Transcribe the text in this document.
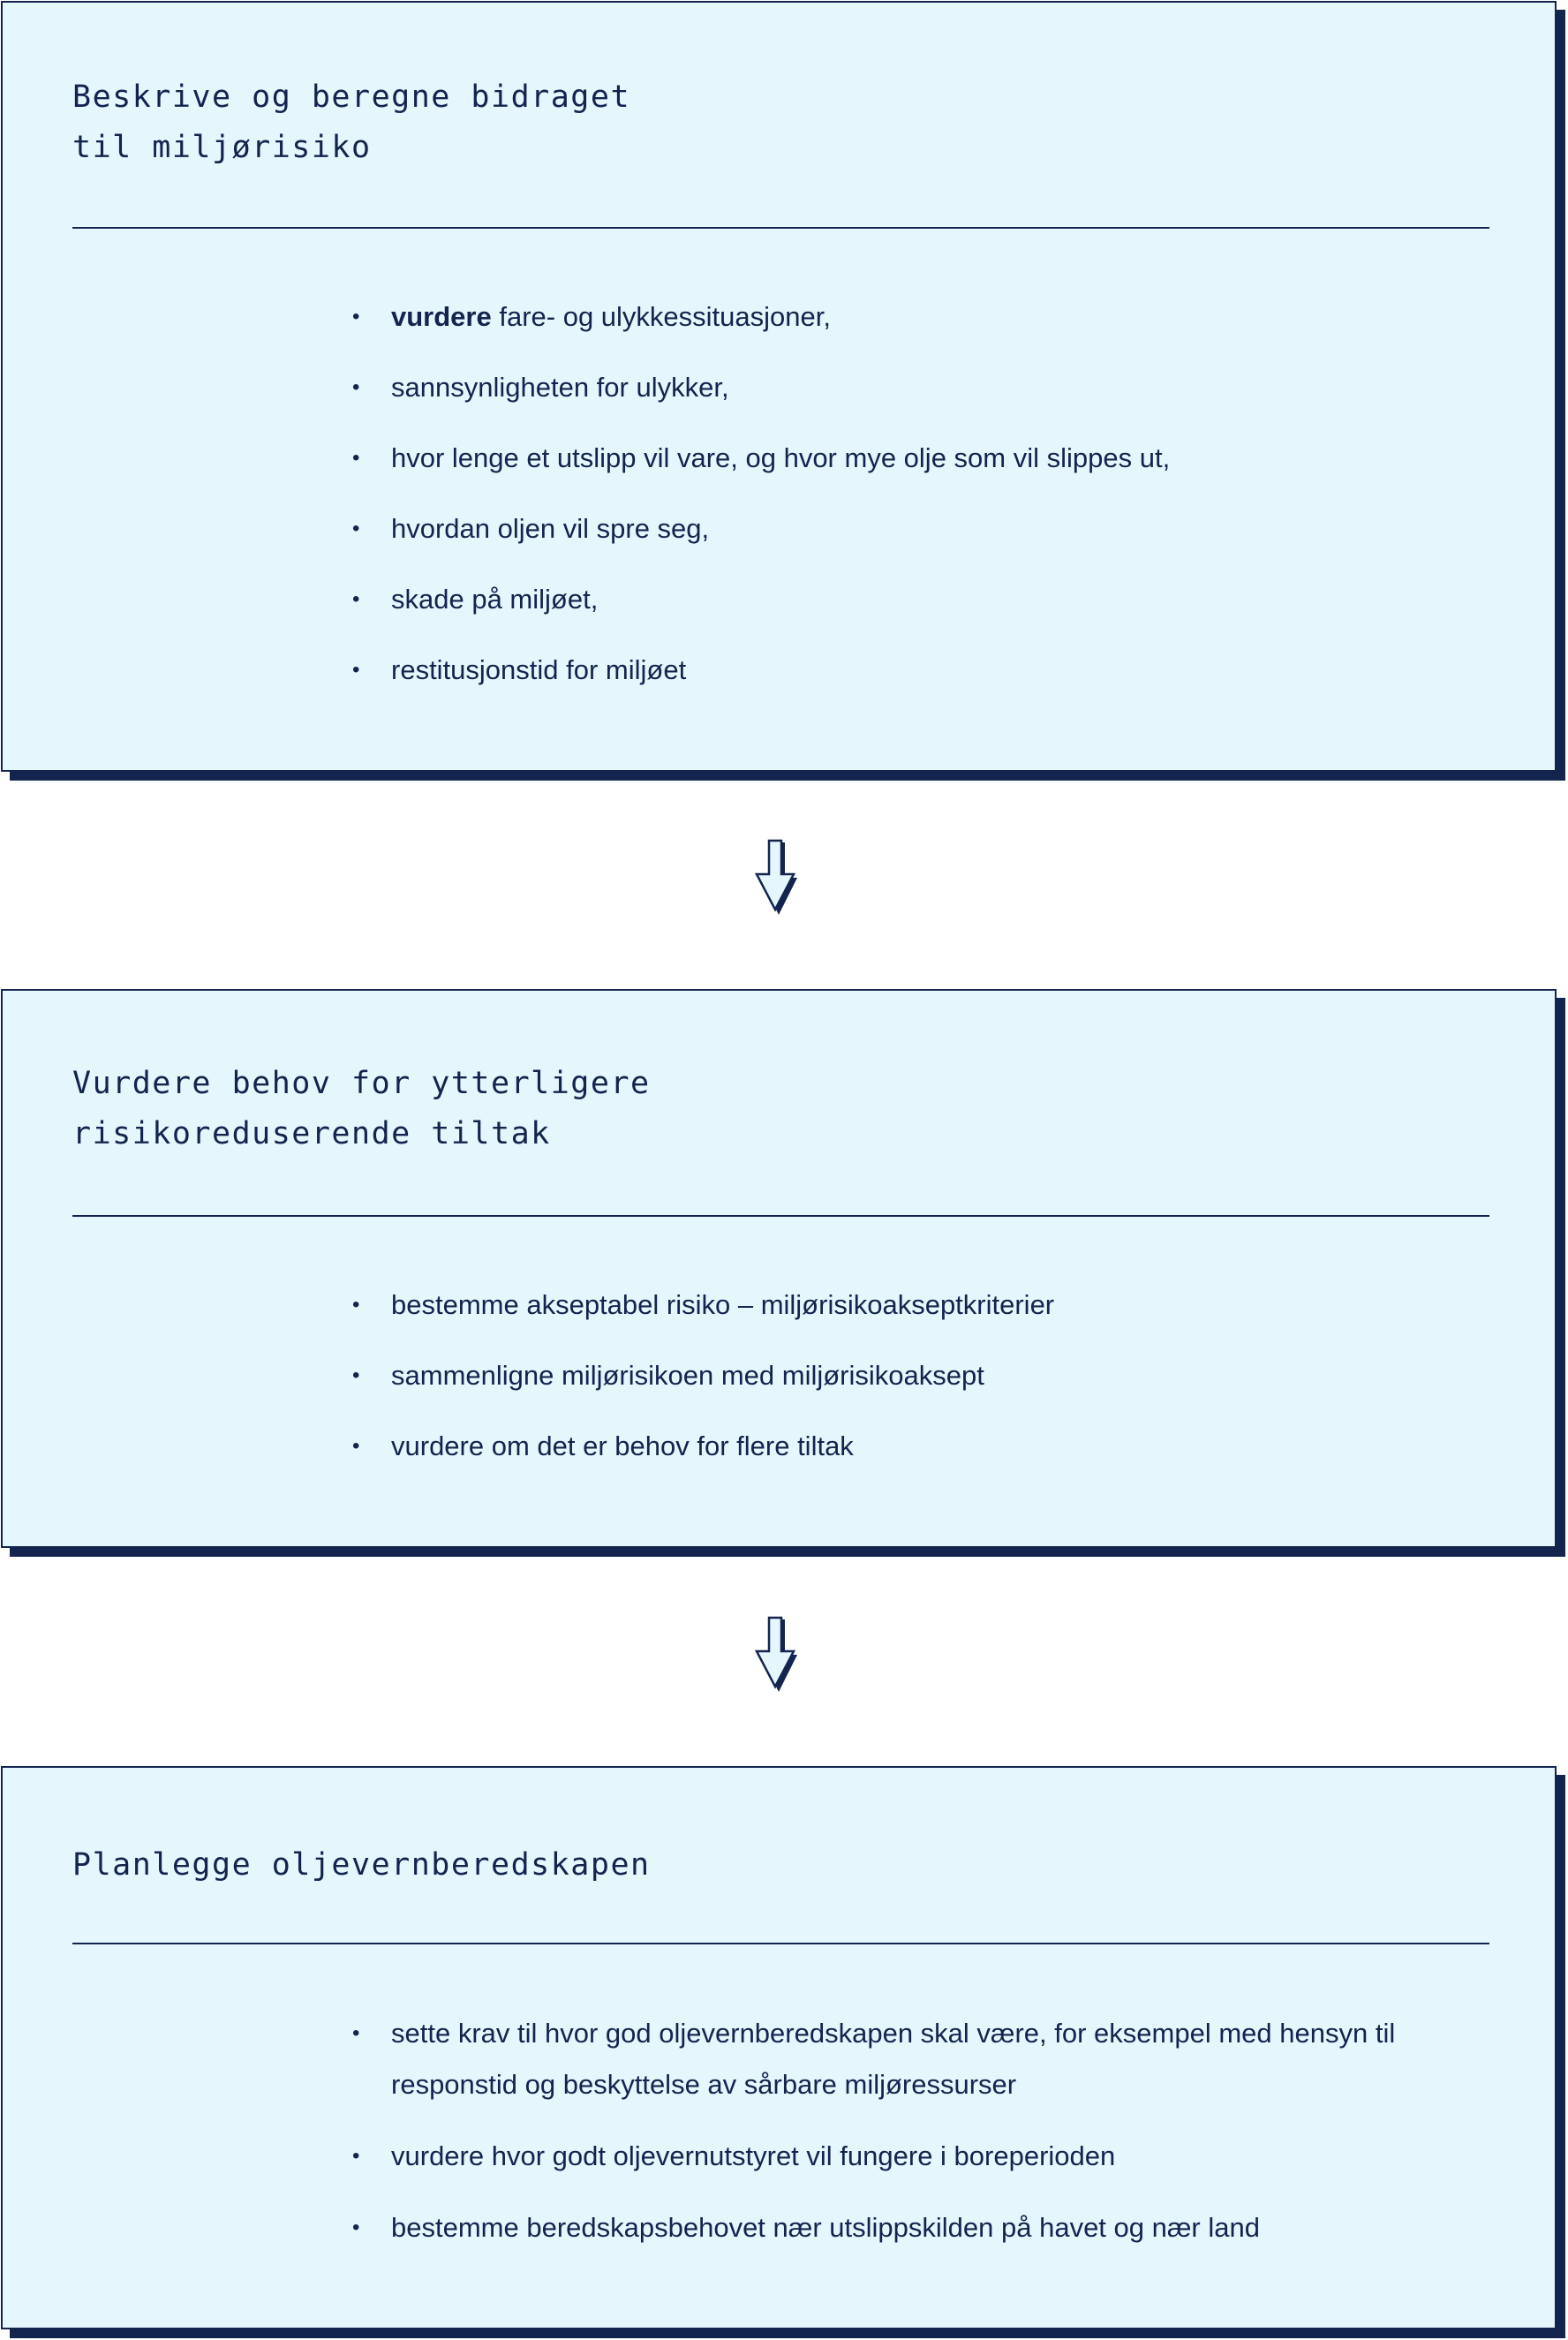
Beskrive og beregne bidraget
til miljørisiko
• vurdere fare- og ulykkessituasjoner,
• sannsynligheten for ulykker,
• hvor lenge et utslipp vil vare, og hvor mye olje som vil slippes ut,
• hvordan oljen vil spre seg,
• skade på miljøet,
• restitusjonstid for miljøet
Vurdere behov for ytterligere
risikoreduserende tiltak
• bestemme akseptabel risiko – miljørisikoakseptkriterier
• sammenligne miljørisikoen med miljørisikoaksept
• vurdere om det er behov for flere tiltak
Planlegge oljevernberedskapen
• sette krav til hvor god oljevernberedskapen skal være, for eksempel med hensyn til responstid og beskyttelse av sårbare miljøressurser
• vurdere hvor godt oljevernutstyret vil fungere i boreperioden
• bestemme beredskapsbehovet nær utslippskilden på havet og nær land
